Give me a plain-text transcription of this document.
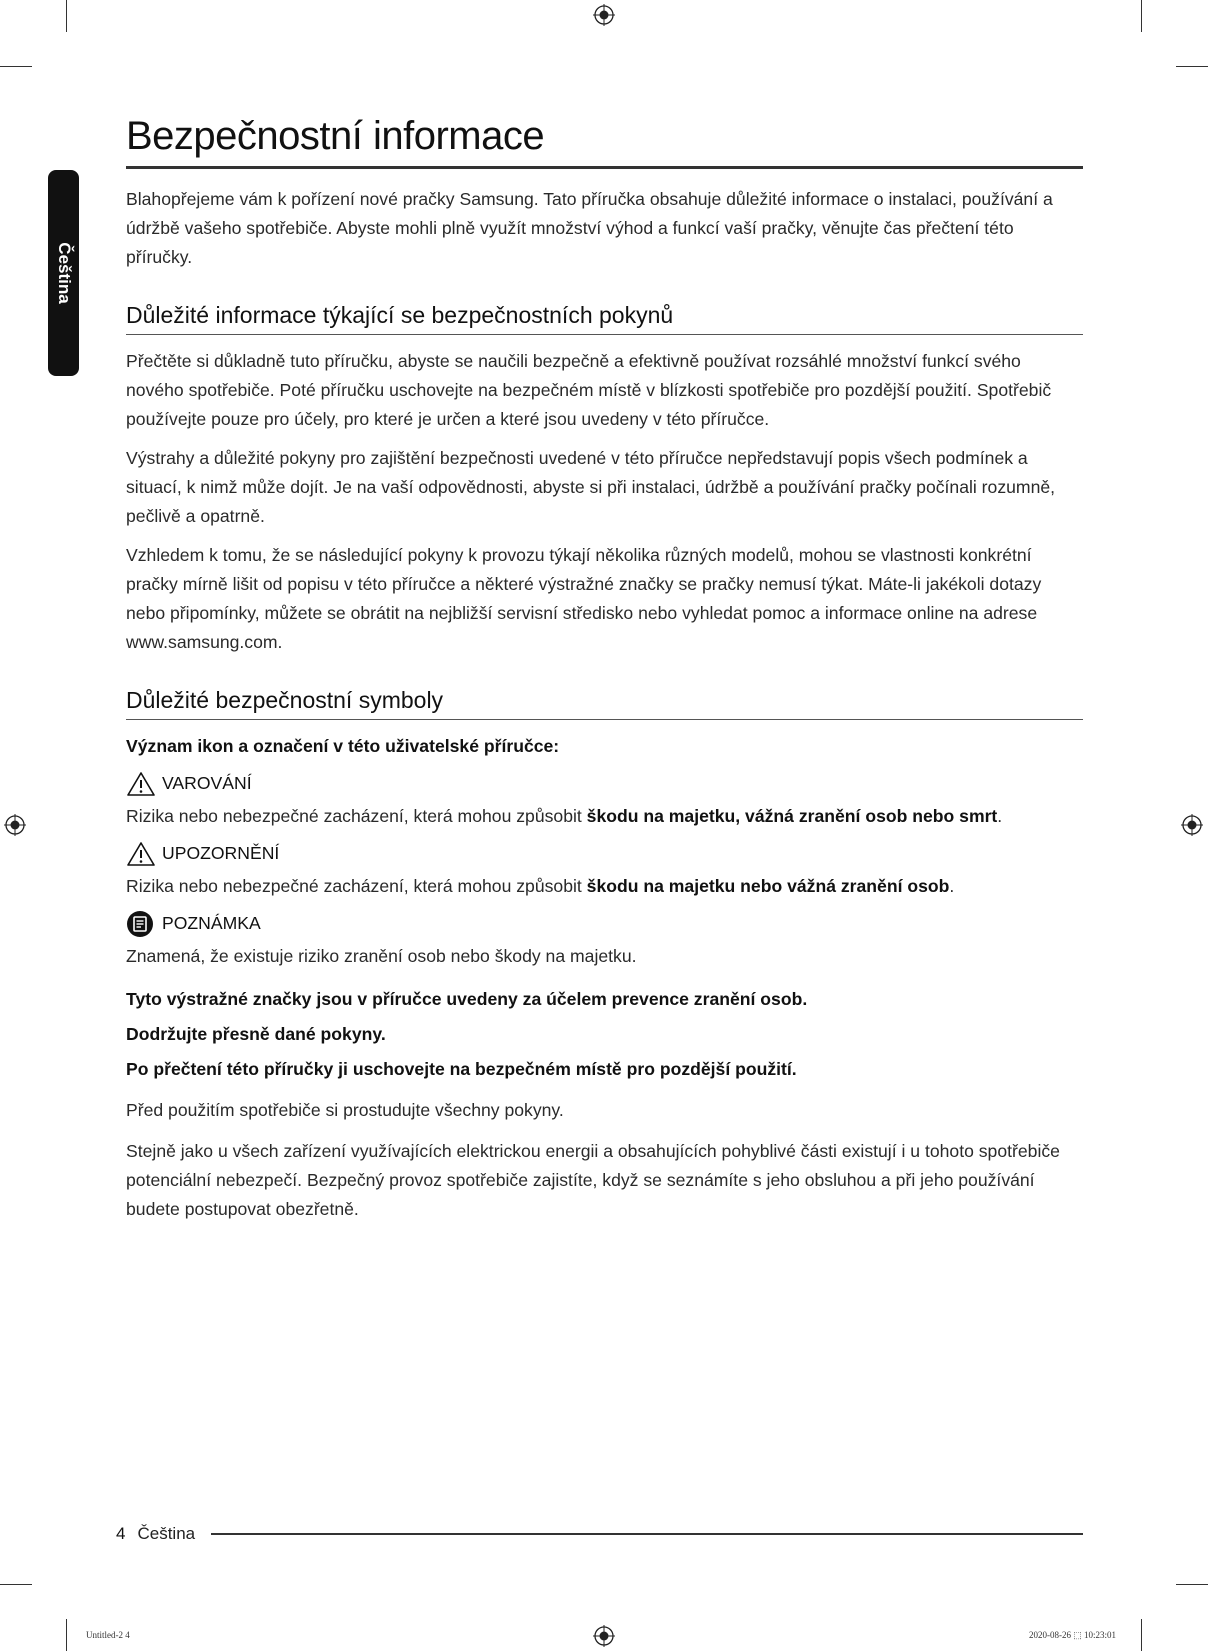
Čeština
Bezpečnostní informace

Blahopřejeme vám k pořízení nové pračky Samsung. Tato příručka obsahuje důležité informace o instalaci, používání a údržbě vašeho spotřebiče. Abyste mohli plně využít množství výhod a funkcí vaší pračky, věnujte čas přečtení této příručky.

Důležité informace týkající se bezpečnostních pokynů

Přečtěte si důkladně tuto příručku, abyste se naučili bezpečně a efektivně používat rozsáhlé množství funkcí svého nového spotřebiče. Poté příručku uschovejte na bezpečném místě v blízkosti spotřebiče pro pozdější použití. Spotřebič používejte pouze pro účely, pro které je určen a které jsou uvedeny v této příručce.

Výstrahy a důležité pokyny pro zajištění bezpečnosti uvedené v této příručce nepředstavují popis všech podmínek a situací, k nimž může dojít. Je na vaší odpovědnosti, abyste si při instalaci, údržbě a používání pračky počínali rozumně, pečlivě a opatrně.

Vzhledem k tomu, že se následující pokyny k provozu týkají několika různých modelů, mohou se vlastnosti konkrétní pračky mírně lišit od popisu v této příručce a některé výstražné značky se pračky nemusí týkat. Máte-li jakékoli dotazy nebo připomínky, můžete se obrátit na nejbližší servisní středisko nebo vyhledat pomoc a informace online na adrese www.samsung.com.

Důležité bezpečnostní symboly

Význam ikon a označení v této uživatelské příručce:

VAROVÁNÍ

Rizika nebo nebezpečné zacházení, která mohou způsobit škodu na majetku, vážná zranění osob nebo smrt.

UPOZORNĚNÍ

Rizika nebo nebezpečné zacházení, která mohou způsobit škodu na majetku nebo vážná zranění osob.

POZNÁMKA

Znamená, že existuje riziko zranění osob nebo škody na majetku.

Tyto výstražné značky jsou v příručce uvedeny za účelem prevence zranění osob.

Dodržujte přesně dané pokyny.

Po přečtení této příručky ji uschovejte na bezpečném místě pro pozdější použití.

Před použitím spotřebiče si prostudujte všechny pokyny.

Stejně jako u všech zařízení využívajících elektrickou energii a obsahujících pohyblivé části existují i u tohoto spotřebiče potenciální nebezpečí. Bezpečný provoz spotřebiče zajistíte, když se seznámíte s jeho obsluhou a při jeho používání budete postupovat obezřetně.

4 Čeština
Untitled-2 4	2020-08-26 ⬚ 10:23:01
